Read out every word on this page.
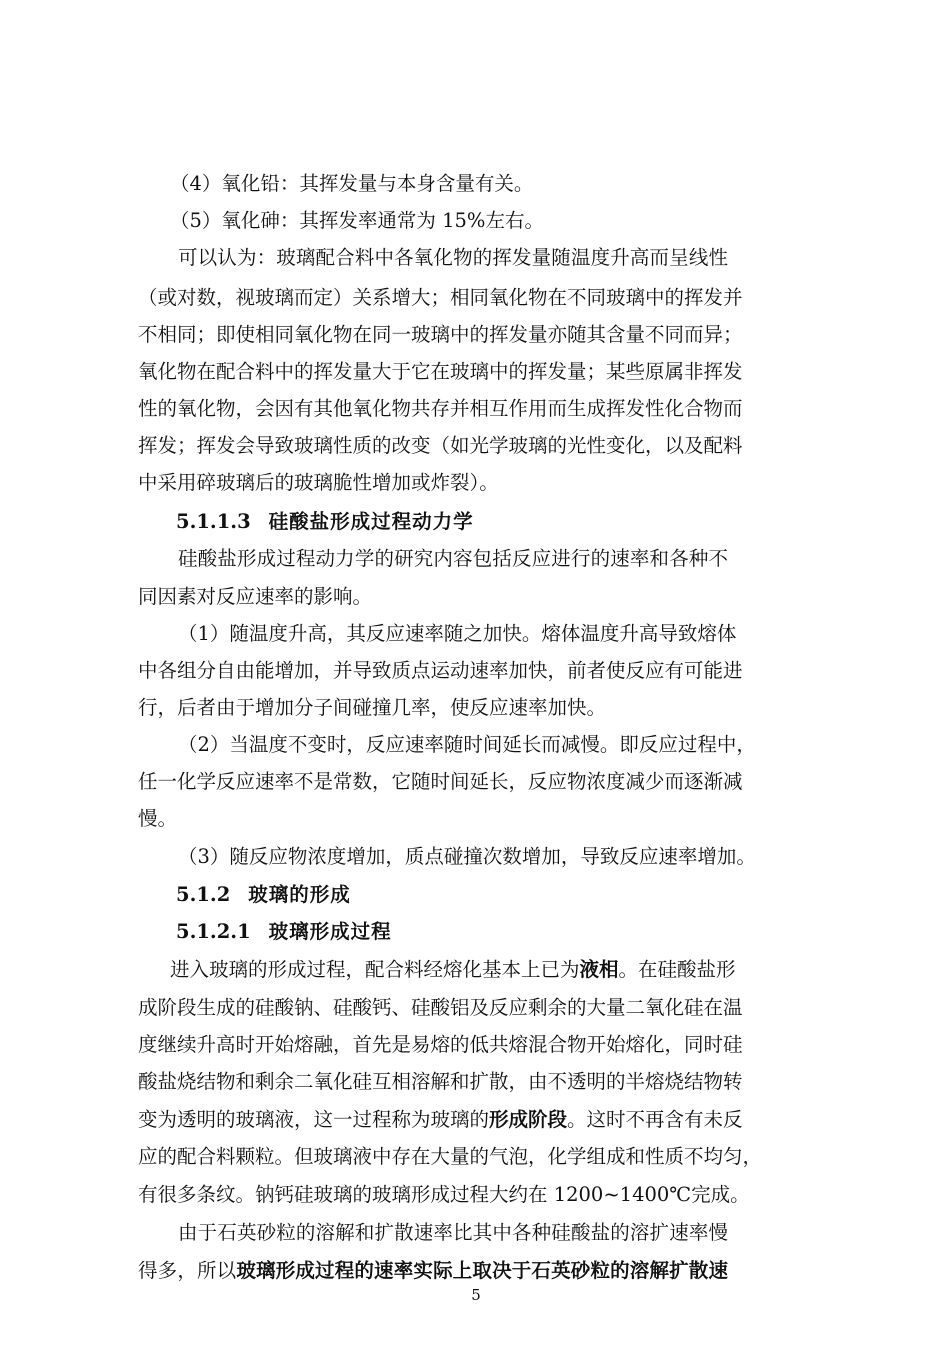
（4）氧化铅：其挥发量与本身含量有关。
（5）氧化砷：其挥发率通常为 15%左右。
可以认为：玻璃配合料中各氧化物的挥发量随温度升高而呈线性
（或对数，视玻璃而定）关系增大；相同氧化物在不同玻璃中的挥发并
不相同；即使相同氧化物在同一玻璃中的挥发量亦随其含量不同而异；
氧化物在配合料中的挥发量大于它在玻璃中的挥发量；某些原属非挥发
性的氧化物，会因有其他氧化物共存并相互作用而生成挥发性化合物而
挥发；挥发会导致玻璃性质的改变（如光学玻璃的光性变化，以及配料
中采用碎玻璃后的玻璃脆性增加或炸裂）。
5.1.1.3 硅酸盐形成过程动力学
硅酸盐形成过程动力学的研究内容包括反应进行的速率和各种不
同因素对反应速率的影响。
（1）随温度升高，其反应速率随之加快。熔体温度升高导致熔体
中各组分自由能增加，并导致质点运动速率加快，前者使反应有可能进
行，后者由于增加分子间碰撞几率，使反应速率加快。
（2）当温度不变时，反应速率随时间延长而减慢。即反应过程中，
任一化学反应速率不是常数，它随时间延长，反应物浓度减少而逐渐减
慢。
（3）随反应物浓度增加，质点碰撞次数增加，导致反应速率增加。
5.1.2 玻璃的形成
5.1.2.1 玻璃形成过程
进入玻璃的形成过程，配合料经熔化基本上已为液相。在硅酸盐形
成阶段生成的硅酸钠、硅酸钙、硅酸铝及反应剩余的大量二氧化硅在温
度继续升高时开始熔融，首先是易熔的低共熔混合物开始熔化，同时硅
酸盐烧结物和剩余二氧化硅互相溶解和扩散，由不透明的半熔烧结物转
变为透明的玻璃液，这一过程称为玻璃的形成阶段。这时不再含有未反
应的配合料颗粒。但玻璃液中存在大量的气泡，化学组成和性质不均匀，
有很多条纹。钠钙硅玻璃的玻璃形成过程大约在 1200~1400℃完成。
由于石英砂粒的溶解和扩散速率比其中各种硅酸盐的溶扩速率慢
得多，所以玻璃形成过程的速率实际上取决于石英砂粒的溶解扩散速
5
